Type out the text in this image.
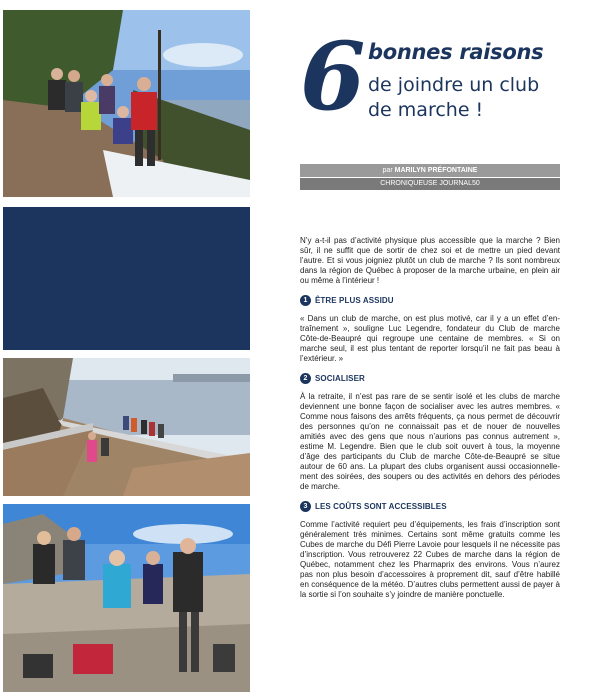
6 bonnes raisons
de joindre un club
de marche !
par MARILYN PRÉFONTAINE
CHRONIQUEUSE JOURNAL50

N’y a-t-il pas d’activité physique plus accessible que la marche ? Bien sûr, il ne suffit que de sortir de chez soi et de mettre un pied devant l’autre. Et si vous joigniez plutôt un club de marche ? Ils sont nombreux dans la région de Québec à proposer de la marche urbaine, en plein air ou même à l’intérieur !

1 ÊTRE PLUS ASSIDU

« Dans un club de marche, on est plus motivé, car il y a un effet d’entraînement », souligne Luc Legendre, fondateur du Club de marche Côte-de-Beaupré qui regroupe une centaine de membres. « Si on marche seul, il est plus tentant de reporter lorsqu’il ne fait pas beau à l’extérieur. »

2 SOCIALISER

À la retraite, il n’est pas rare de se sentir isolé et les clubs de marche deviennent une bonne façon de socialiser avec les autres membres. « Comme nous faisons des arrêts fréquents, ça nous permet de découvrir des personnes qu’on ne connaissait pas et de nouer de nouvelles amitiés avec des gens que nous n’aurions pas connus autrement », estime M. Legendre. Bien que le club soit ouvert à tous, la moyenne d’âge des participants du Club de marche Côte-de-Beaupré se situe autour de 60 ans. La plupart des clubs organisent aussi occasionnellement des soirées, des soupers ou des activités en dehors des périodes de marche.

3 LES COÛTS SONT ACCESSIBLES

Comme l’activité requiert peu d’équipements, les frais d’inscription sont généralement très minimes. Certains sont même gratuits comme les Cubes de marche du Défi Pierre Lavoie pour lesquels il ne nécessite pas d’inscription. Vous retrouverez 22 Cubes de marche dans la région de Québec, notamment chez les Pharmaprix des environs. Vous n’aurez pas non plus besoin d’accessoires à proprement dit, sauf d’être habillé en conséquence de la météo. D’autres clubs permettent aussi de payer à la sortie si l’on souhaite s’y joindre de manière ponctuelle.
